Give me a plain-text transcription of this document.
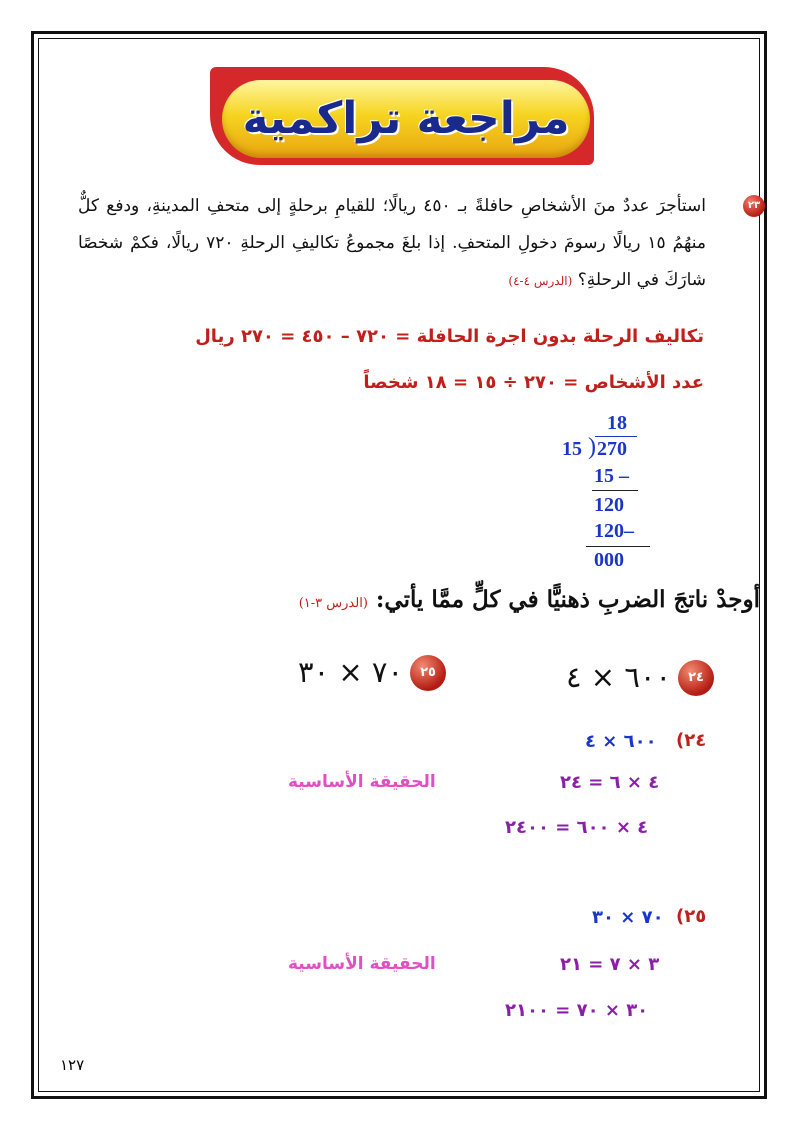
مراجعة تراكمية
٢٣
استأجرَ عددٌ منَ الأشخاصِ حافلةً بـ ٤٥٠ ريالًا؛ للقيامِ برحلةٍ إلى متحفِ المدينةِ، ودفع كلٌّ منهُمُ ١٥ ريالًا رسومَ دخولِ المتحفِ. إذا بلغَ مجموعُ تكاليفِ الرحلةِ ٧٢٠ ريالًا، فكمْ شخصًا شارَكَ في الرحلةِ؟ (الدرس ٤-٤)
تكاليف الرحلة بدون اجرة الحافلة = ٧٢٠ – ٤٥٠ = ٢٧٠ ريال
عدد الأشخاص = ٢٧٠ ÷ ١٥ = ١٨ شخصاً
18
15 ) 270
15 –
120
120–
000
أوجدْ ناتجَ الضربِ ذهنيًّا في كلٍّ ممَّا يأتي: (الدرس ٣-١)
٢٤
٦٠٠ × ٤
٢٥
٧٠ × ٣٠
٢٤)
٦٠٠ × ٤
٤ × ٦ = ٢٤
الحقيقة الأساسية
٤ × ٦٠٠ = ٢٤٠٠
٢٥)
٧٠ × ٣٠
٣ × ٧ = ٢١
الحقيقة الأساسية
٣٠ × ٧٠ = ٢١٠٠
١٢٧
